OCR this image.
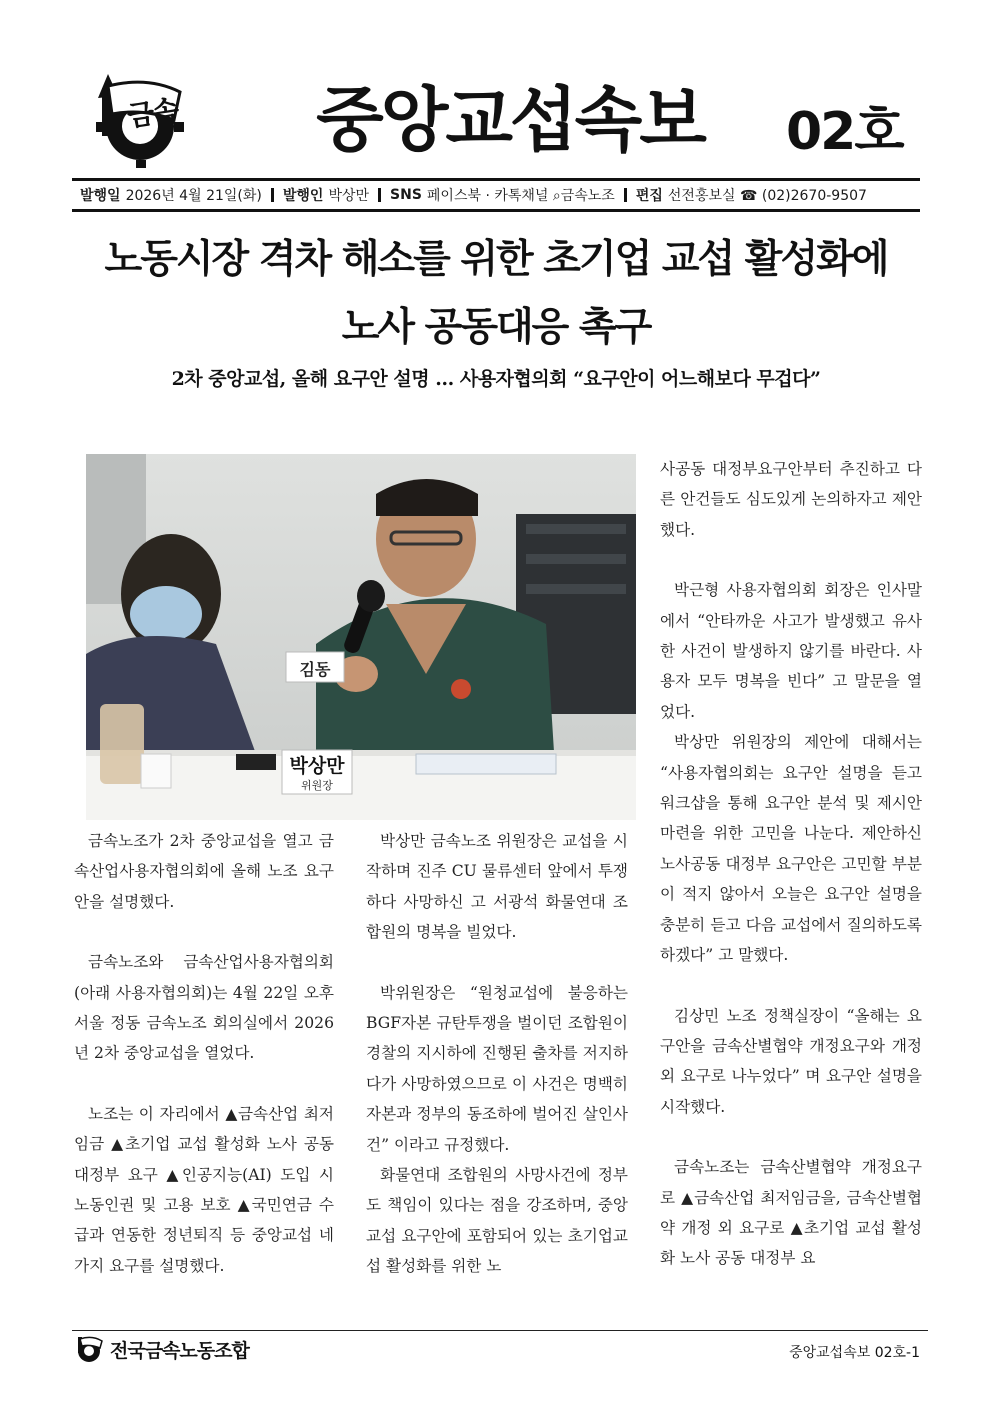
금속 중앙교섭속보	02호
발행일 2026년 4월 21일(화) 발행인 박상만 SNS 페이스북 · 카톡채널 ⌕금속노조 편집 선전홍보실 ☎ (02)2670-9507
노동시장 격차 해소를 위한 초기업 교섭 활성화에
노사 공동대응 촉구
2차 중앙교섭, 올해 요구안 설명 … 사용자협의회 “요구안이 어느해보다 무겁다”
김동
박상만
위원장

금속노조가 2차 중앙교섭을 열고 금속산업사용자협의회에 올해 노조 요구안을 설명했다.

금속노조와 금속산업사용자협의회(아래 사용자협의회)는 4월 22일 오후 서울 정동 금속노조 회의실에서 2026년 2차 중앙교섭을 열었다.

노조는 이 자리에서 ▲금속산업 최저임금 ▲초기업 교섭 활성화 노사 공동 대정부 요구 ▲인공지능(AI) 도입 시 노동인권 및 고용 보호 ▲국민연금 수급과 연동한 정년퇴직 등 중앙교섭 네가지 요구를 설명했다.

박상만 금속노조 위원장은 교섭을 시작하며 진주 CU 물류센터 앞에서 투쟁하다 사망하신 고 서광석 화물연대 조합원의 명복을 빌었다.

박위원장은 “원청교섭에 불응하는 BGF자본 규탄투쟁을 벌이던 조합원이 경찰의 지시하에 진행된 출차를 저지하다가 사망하였으므로 이 사건은 명백히 자본과 정부의 동조하에 벌어진 살인사건” 이라고 규정했다.

화물연대 조합원의 사망사건에 정부도 책임이 있다는 점을 강조하며, 중앙교섭 요구안에 포함되어 있는 초기업교섭 활성화를 위한 노

사공동 대정부요구안부터 추진하고 다른 안건들도 심도있게 논의하자고 제안했다.

박근형 사용자협의회 회장은 인사말에서 “안타까운 사고가 발생했고 유사한 사건이 발생하지 않기를 바란다. 사용자 모두 명복을 빈다” 고 말문을 열었다.

박상만 위원장의 제안에 대해서는 “사용자협의회는 요구안 설명을 듣고 워크샵을 통해 요구안 분석 및 제시안 마련을 위한 고민을 나눈다. 제안하신 노사공동 대정부 요구안은 고민할 부분이 적지 않아서 오늘은 요구안 설명을 충분히 듣고 다음 교섭에서 질의하도록 하겠다” 고 말했다.

김상민 노조 정책실장이 “올해는 요구안을 금속산별협약 개정요구와 개정 외 요구로 나누었다” 며 요구안 설명을 시작했다.

금속노조는 금속산별협약 개정요구로 ▲금속산업 최저임금을, 금속산별협약 개정 외 요구로 ▲초기업 교섭 활성화 노사 공동 대정부 요

전국금속노동조합	중앙교섭속보 02호-1
